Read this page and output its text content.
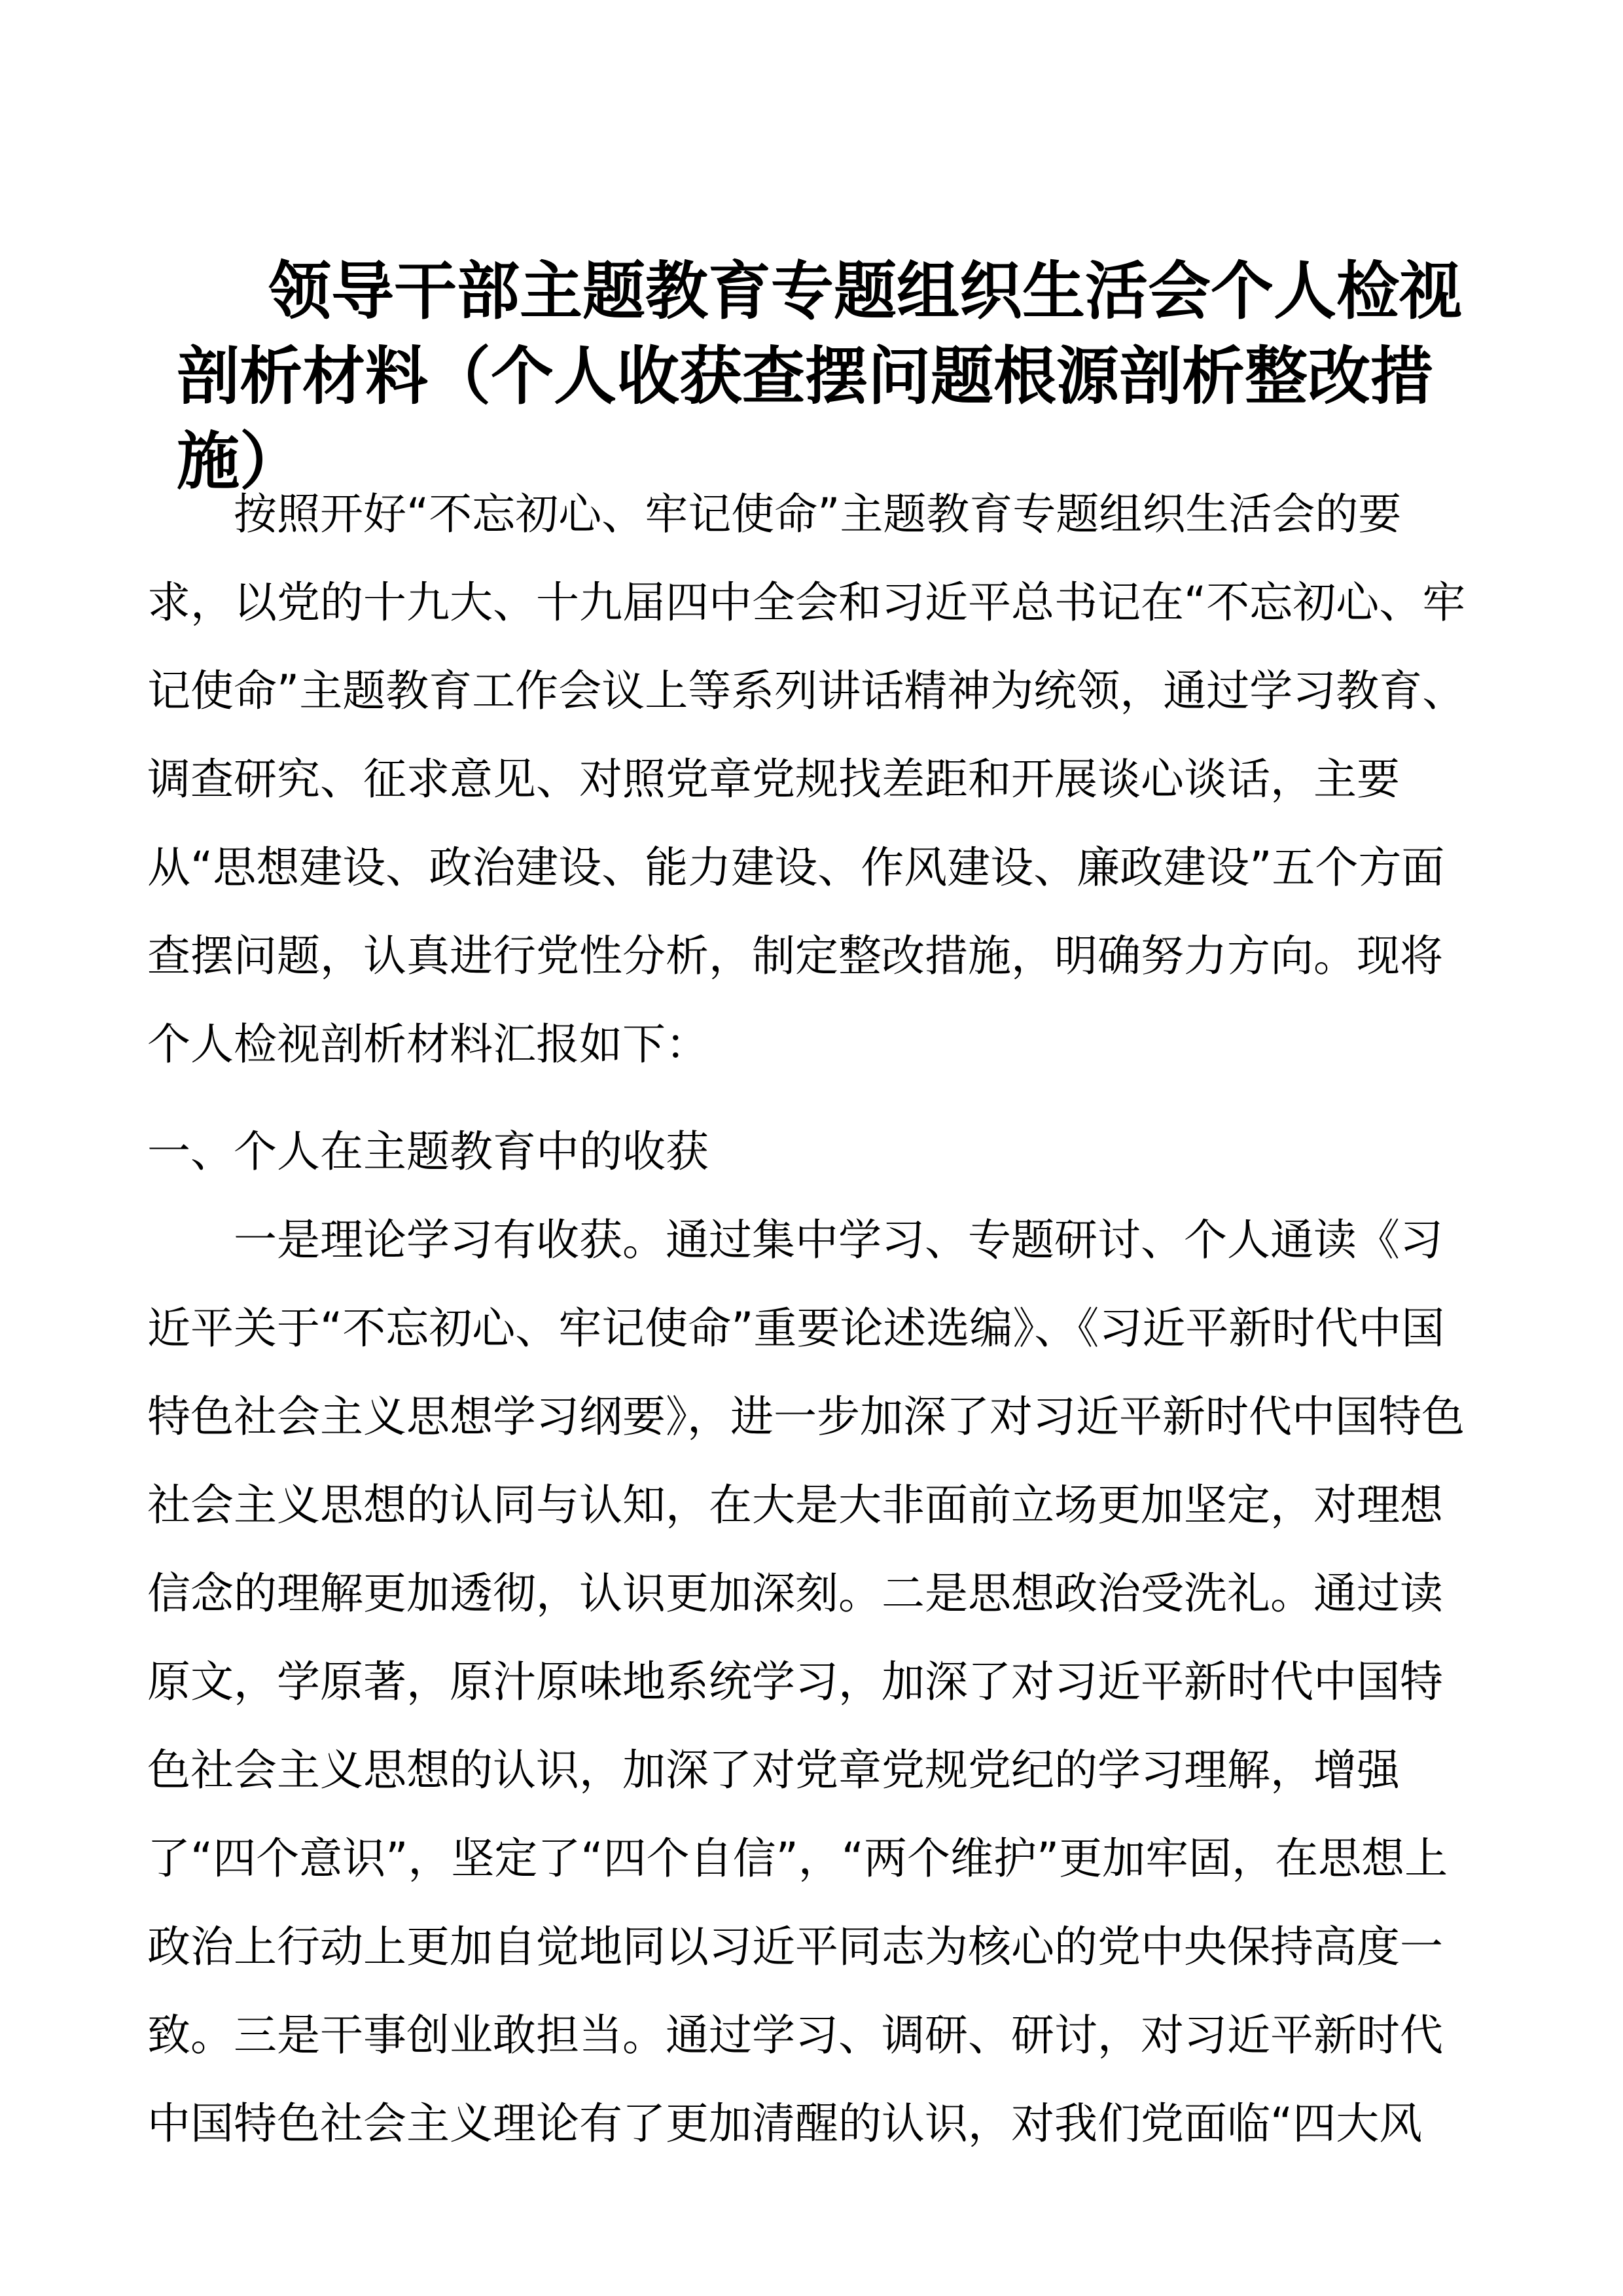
领导干部主题教育专题组织生活会个人检视剖析材料（个人收获查摆问题根源剖析整改措施）

按照开好“不忘初心、牢记使命”主题教育专题组织生活会的要求，以党的十九大、十九届四中全会和习近平总书记在“不忘初心、牢记使命”主题教育工作会议上等系列讲话精神为统领，通过学习教育、调查研究、征求意见、对照党章党规找差距和开展谈心谈话，主要从“思想建设、政治建设、能力建设、作风建设、廉政建设”五个方面查摆问题，认真进行党性分析，制定整改措施，明确努力方向。现将个人检视剖析材料汇报如下：

一、个人在主题教育中的收获

一是理论学习有收获。通过集中学习、专题研讨、个人通读《习近平关于“不忘初心、牢记使命”重要论述选编》、《习近平新时代中国特色社会主义思想学习纲要》，进一步加深了对习近平新时代中国特色社会主义思想的认同与认知，在大是大非面前立场更加坚定，对理想信念的理解更加透彻，认识更加深刻。二是思想政治受洗礼。通过读原文，学原著，原汁原味地系统学习，加深了对习近平新时代中国特色社会主义思想的认识，加深了对党章党规党纪的学习理解，增强了“四个意识”，坚定了“四个自信”，“两个维护”更加牢固，在思想上政治上行动上更加自觉地同以习近平同志为核心的党中央保持高度一致。三是干事创业敢担当。通过学习、调研、研讨，对习近平新时代中国特色社会主义理论有了更加清醒的认识，对我们党面临“四大风
